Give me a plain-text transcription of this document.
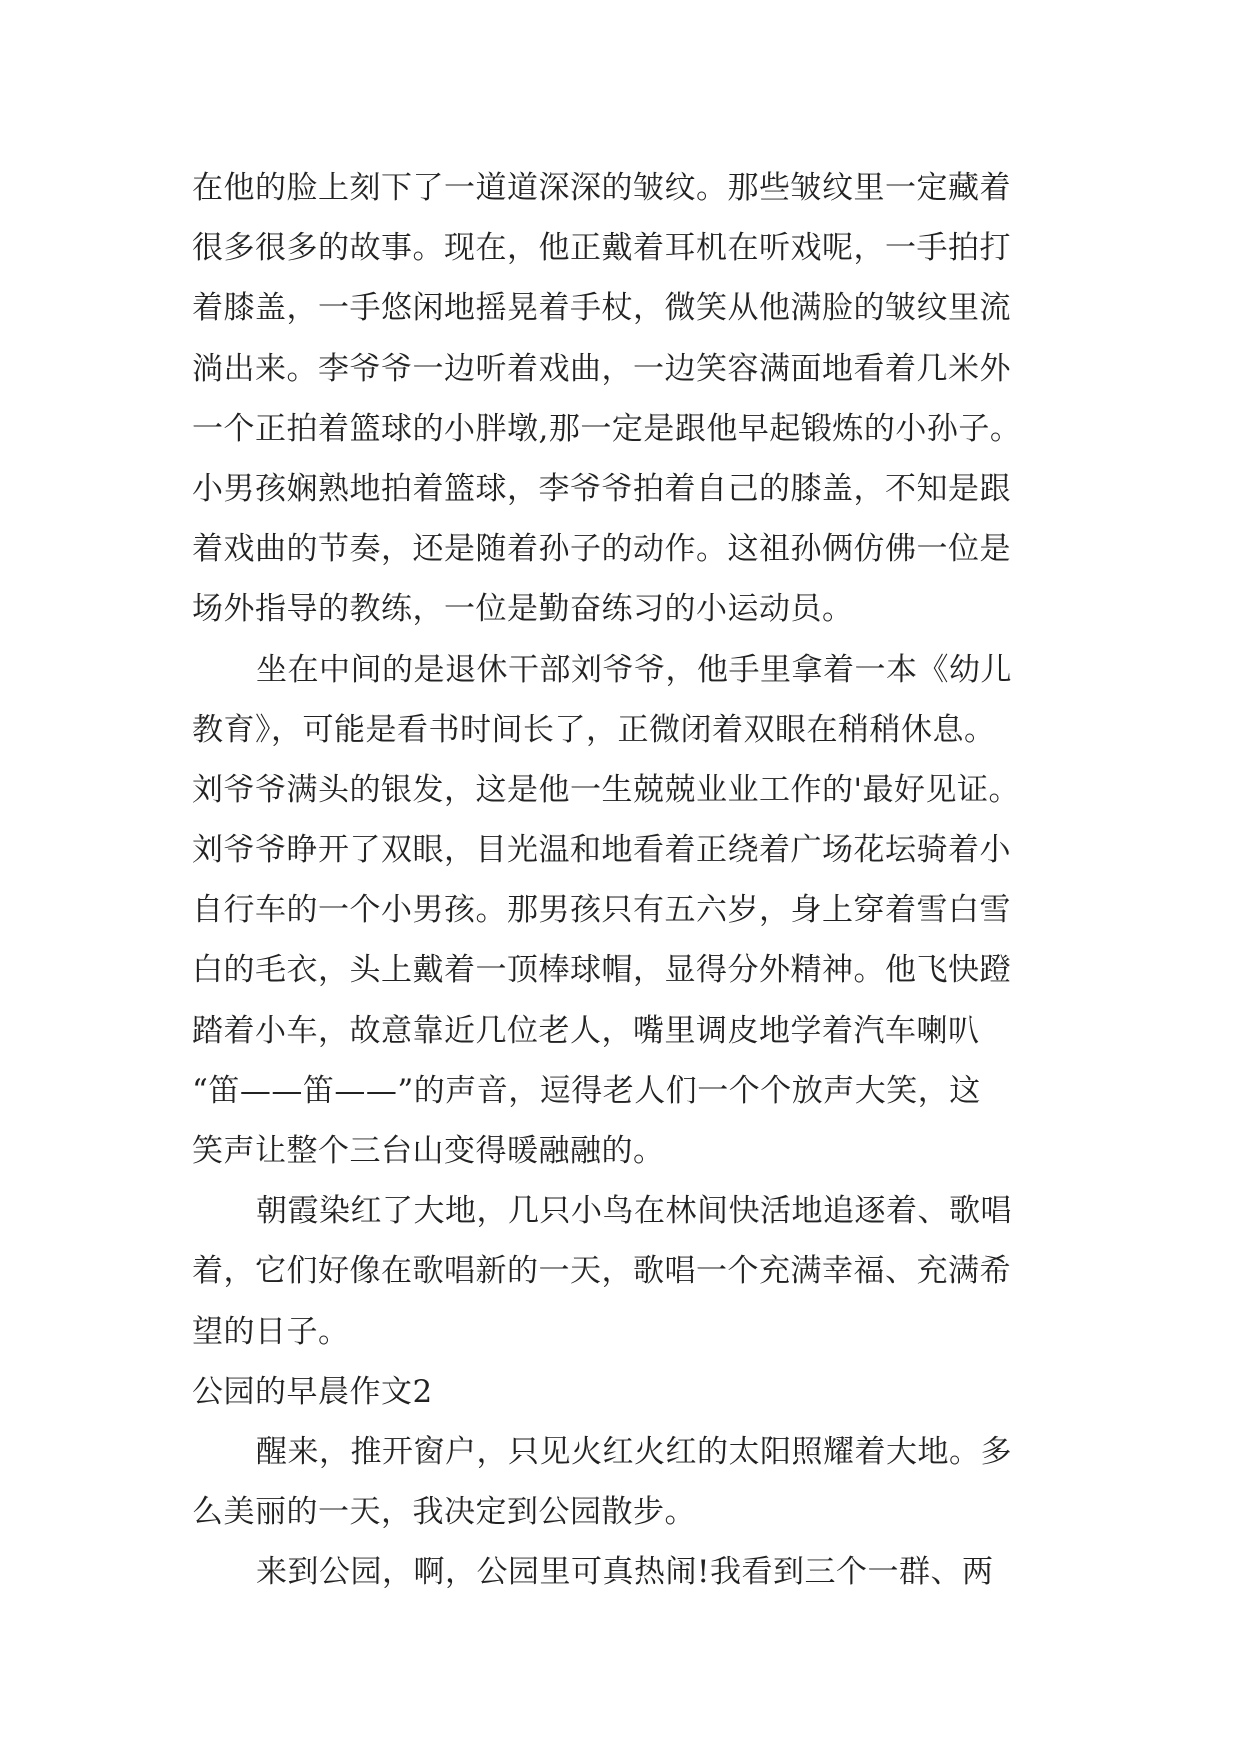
在他的脸上刻下了一道道深深的皱纹。那些皱纹里一定藏着
很多很多的故事。现在，他正戴着耳机在听戏呢，一手拍打
着膝盖，一手悠闲地摇晃着手杖，微笑从他满脸的皱纹里流
淌出来。李爷爷一边听着戏曲，一边笑容满面地看着几米外
一个正拍着篮球的小胖墩,那一定是跟他早起锻炼的小孙子。
小男孩娴熟地拍着篮球，李爷爷拍着自己的膝盖，不知是跟
着戏曲的节奏，还是随着孙子的动作。这祖孙俩仿佛一位是
场外指导的教练，一位是勤奋练习的小运动员。
坐在中间的是退休干部刘爷爷，他手里拿着一本《幼儿
教育》，可能是看书时间长了，正微闭着双眼在稍稍休息。
刘爷爷满头的银发，这是他一生兢兢业业工作的'最好见证。
刘爷爷睁开了双眼，目光温和地看着正绕着广场花坛骑着小
自行车的一个小男孩。那男孩只有五六岁，身上穿着雪白雪
白的毛衣，头上戴着一顶棒球帽，显得分外精神。他飞快蹬
踏着小车，故意靠近几位老人，嘴里调皮地学着汽车喇叭
“笛——笛——”的声音，逗得老人们一个个放声大笑，这
笑声让整个三台山变得暖融融的。
朝霞染红了大地，几只小鸟在林间快活地追逐着、歌唱
着，它们好像在歌唱新的一天，歌唱一个充满幸福、充满希
望的日子。
公园的早晨作文2
醒来，推开窗户，只见火红火红的太阳照耀着大地。多
么美丽的一天，我决定到公园散步。
来到公园，啊，公园里可真热闹!我看到三个一群、两
